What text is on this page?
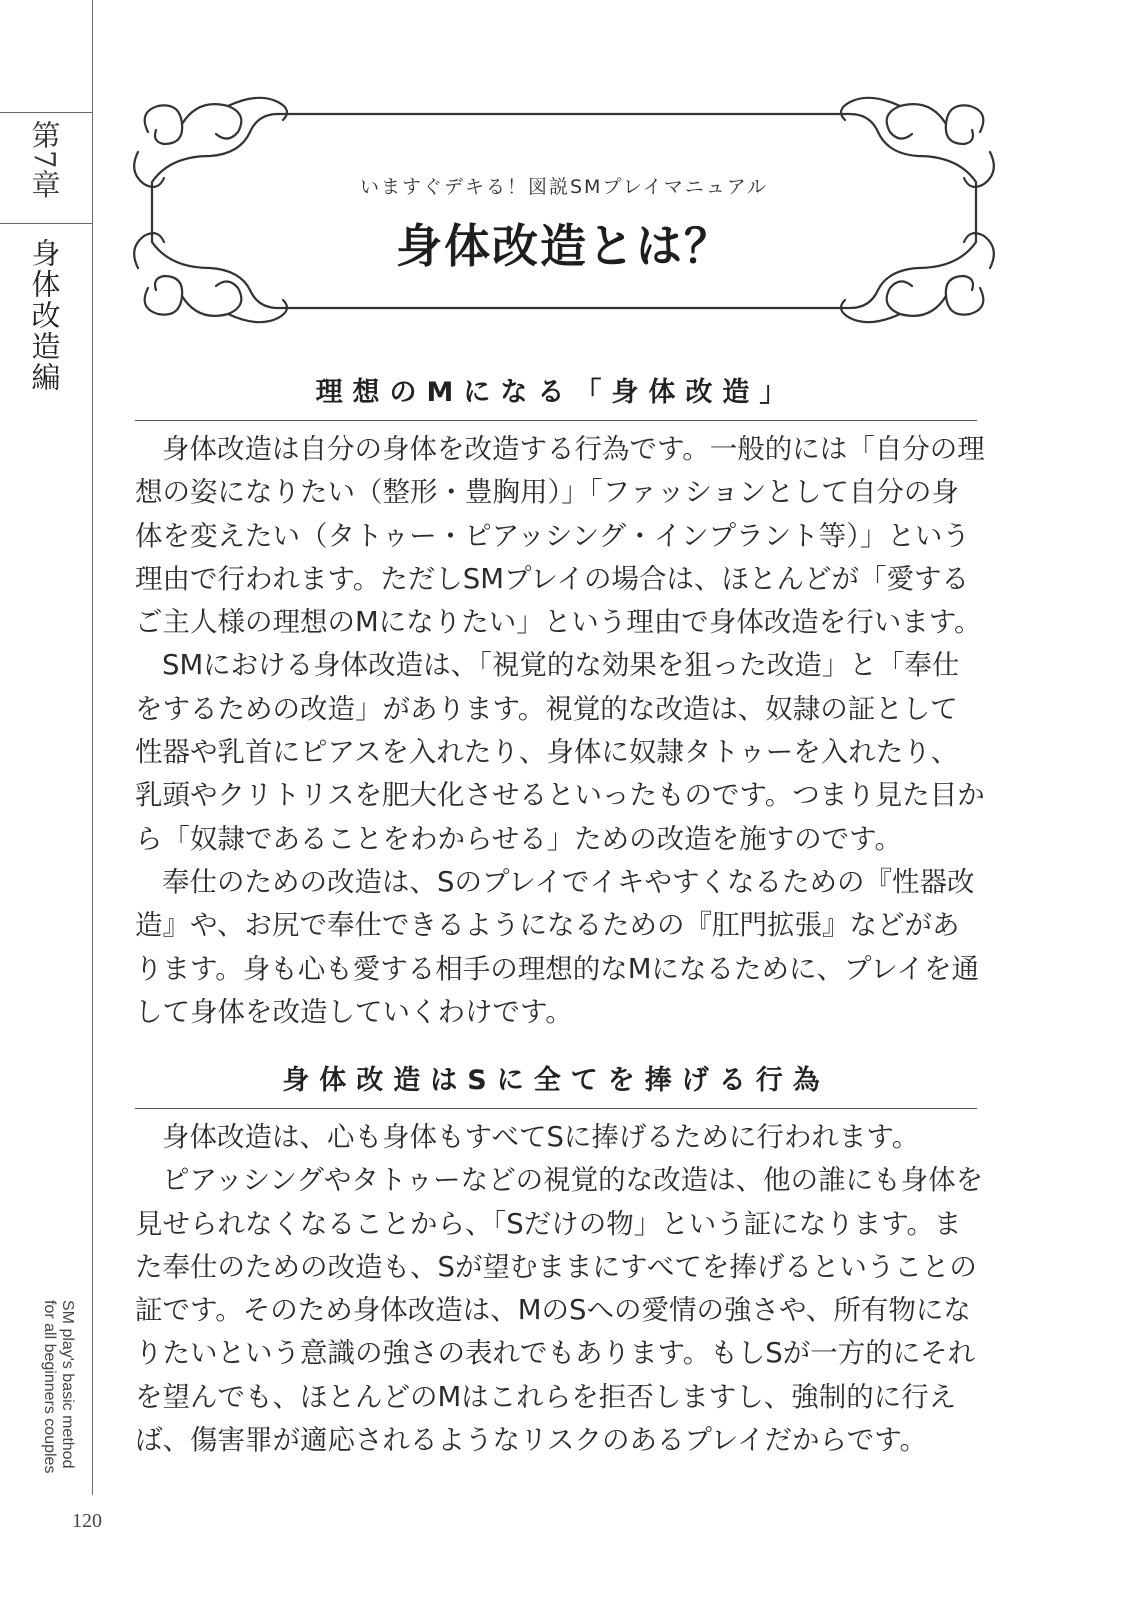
第7章
身体改造編
SM play's basic method
for all beginners couples
120
いますぐデキる！図説SMプレイマニュアル
身体改造とは？
理想のMになる「身体改造」

身体改造は自分の身体を改造する行為です。一般的には「自分の理想の姿になりたい（整形・豊胸用）」「ファッションとして自分の身体を変えたい（タトゥー・ピアッシング・インプラント等）」という理由で行われます。ただしSMプレイの場合は、ほとんどが「愛するご主人様の理想のMになりたい」という理由で身体改造を行います。

SMにおける身体改造は、「視覚的な効果を狙った改造」と「奉仕をするための改造」があります。視覚的な改造は、奴隷の証として性器や乳首にピアスを入れたり、身体に奴隷タトゥーを入れたり、乳頭やクリトリスを肥大化させるといったものです。つまり見た目から「奴隷であることをわからせる」ための改造を施すのです。

奉仕のための改造は、Sのプレイでイキやすくなるための『性器改造』や、お尻で奉仕できるようになるための『肛門拡張』などがあります。身も心も愛する相手の理想的なMになるために、プレイを通して身体を改造していくわけです。

身体改造はSに全てを捧げる行為

身体改造は、心も身体もすべてSに捧げるために行われます。

ピアッシングやタトゥーなどの視覚的な改造は、他の誰にも身体を見せられなくなることから、「Sだけの物」という証になります。また奉仕のための改造も、Sが望むままにすべてを捧げるということの証です。そのため身体改造は、MのSへの愛情の強さや、所有物になりたいという意識の強さの表れでもあります。もしSが一方的にそれを望んでも、ほとんどのMはこれらを拒否しますし、強制的に行えば、傷害罪が適応されるようなリスクのあるプレイだからです。
